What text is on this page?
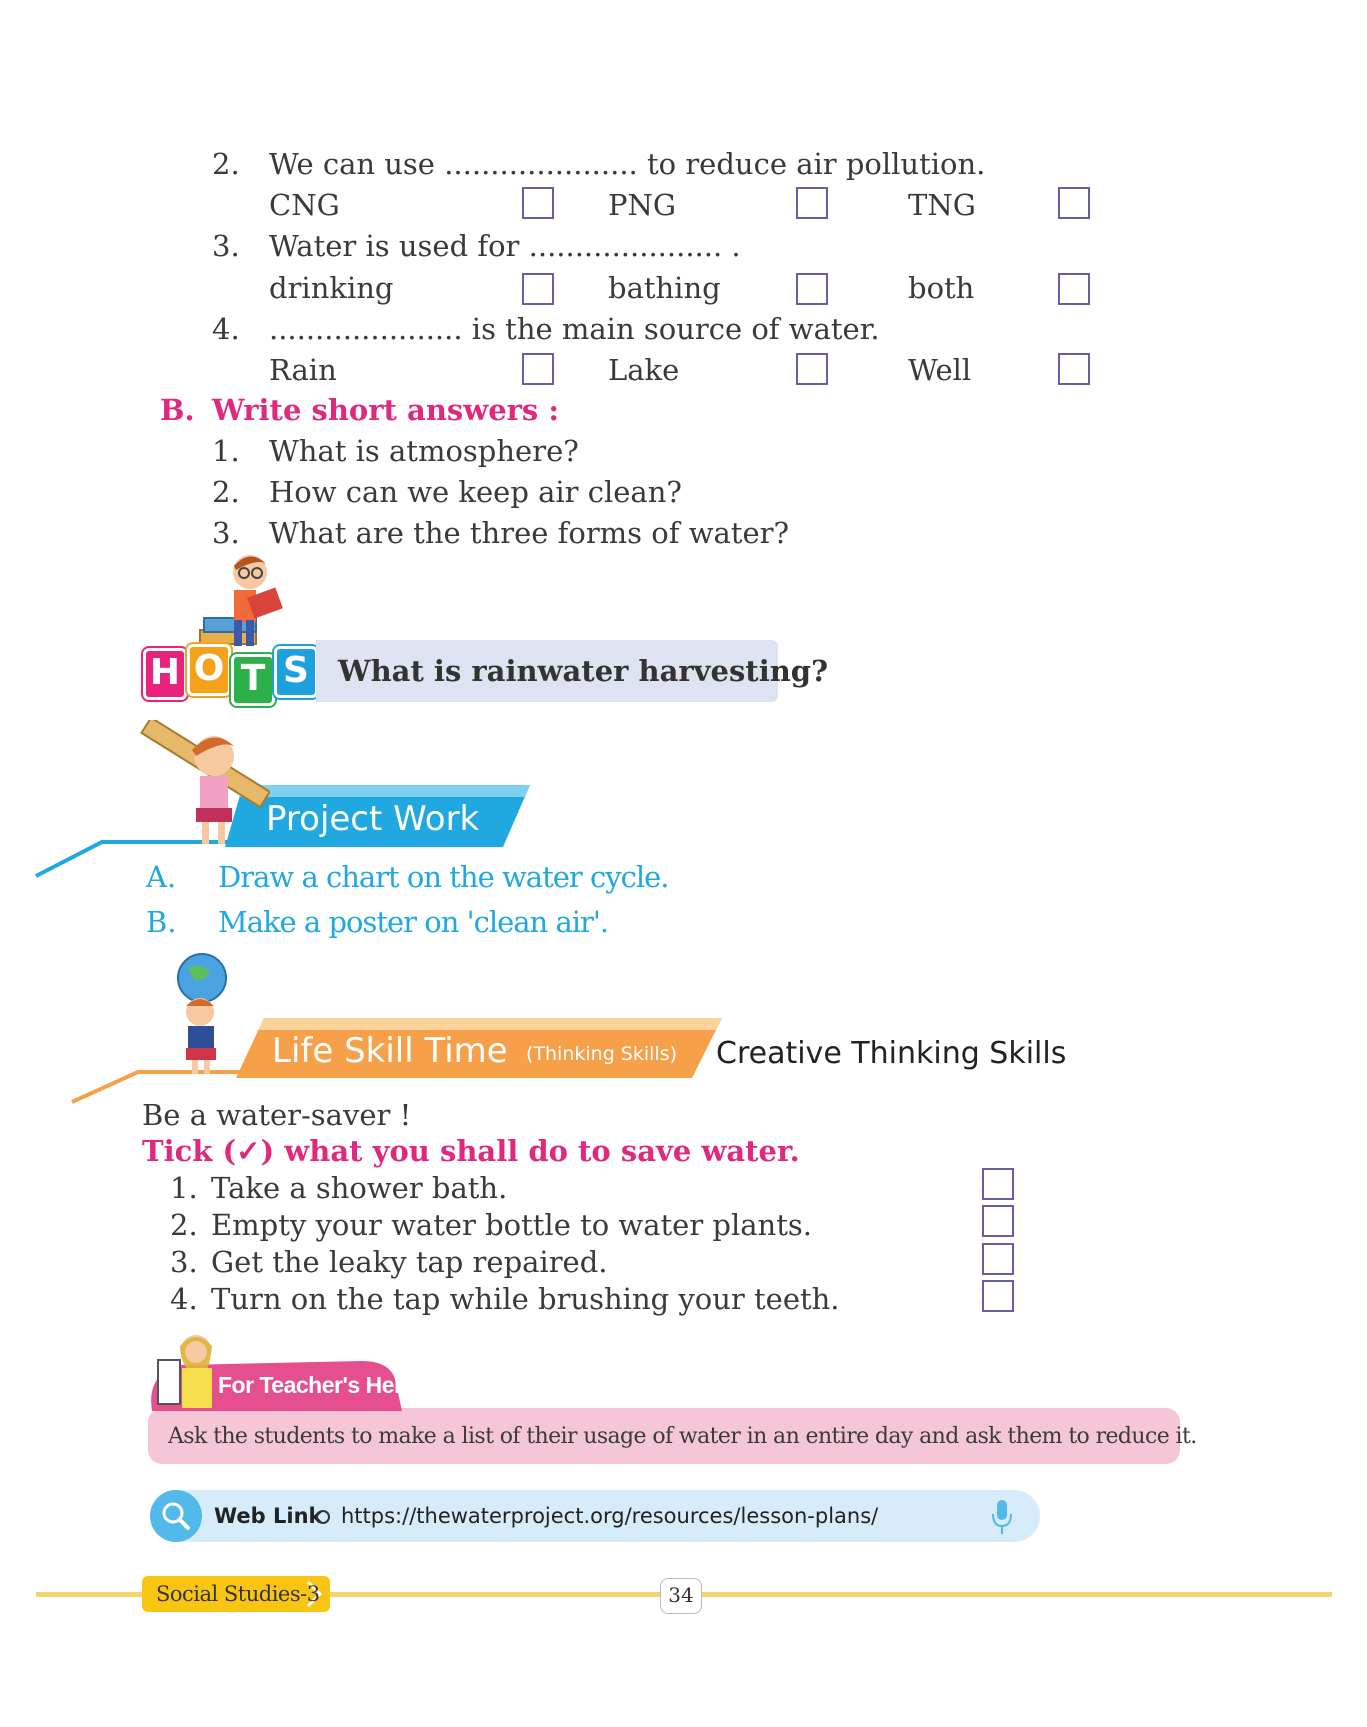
2. We can use ..................... to reduce air pollution.
CNG	PNG	TNG
3. Water is used for ..................... .
drinking	bathing	both
4. ..................... is the main source of water.
Rain	Lake	Well
B. Write short answers :
1. What is atmosphere?
2. How can we keep air clean?
3. What are the three forms of water?
H O T S	What is rainwater harvesting?
Project Work
A. Draw a chart on the water cycle.
B. Make a poster on 'clean air'.
Life Skill Time (Thinking Skills) Creative Thinking Skills
Be a water-saver !
Tick (✓) what you shall do to save water.
1. Take a shower bath.
2. Empty your water bottle to water plants.
3. Get the leaky tap repaired.
4. Turn on the tap while brushing your teeth.
For Teacher's Help
Ask the students to make a list of their usage of water in an entire day and ask them to reduce it.
Web Link https://thewaterproject.org/resources/lesson-plans/
Social Studies-3	34
